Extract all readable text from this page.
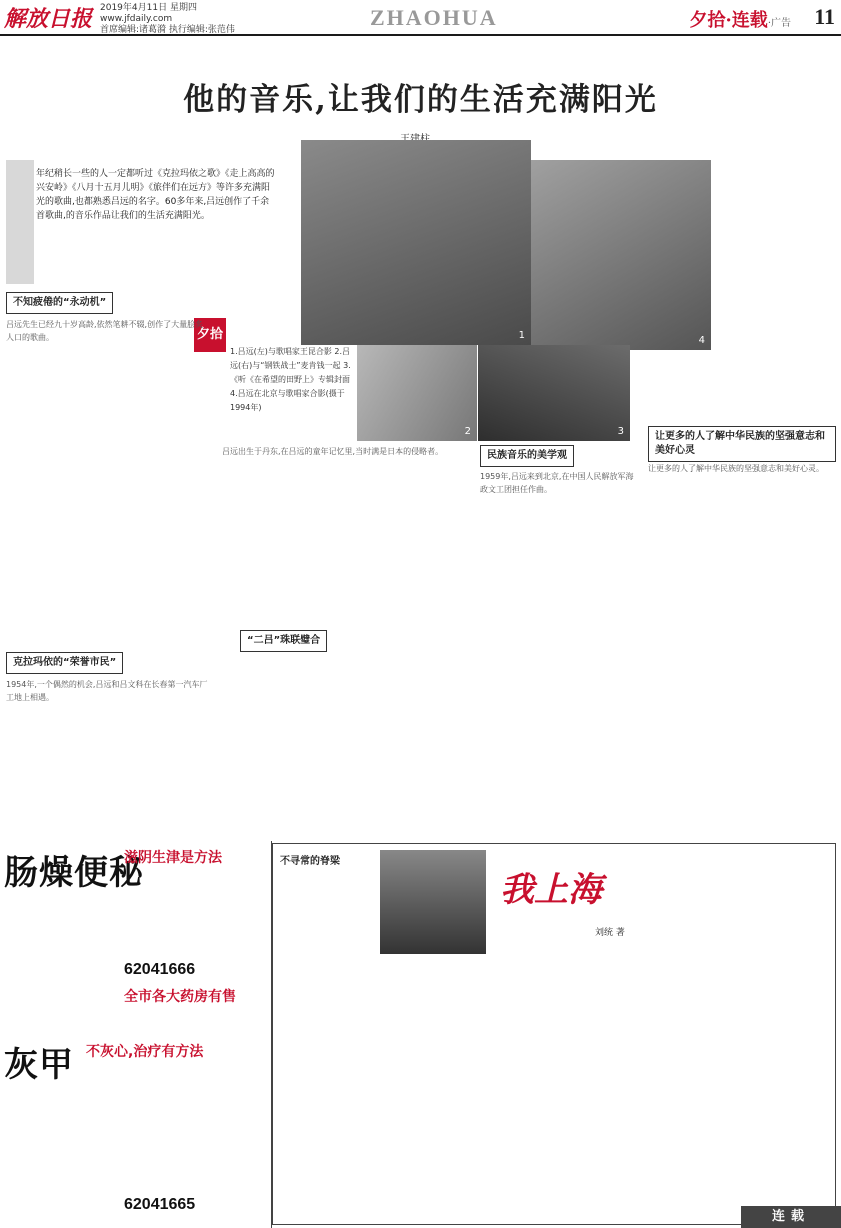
解放日报 2019年4月11日 星期四
www.jfdaily.com
首席编辑:诸葛漪 执行编辑:张范伟	ZHAOHUA	夕拾·连载·广告 11
他的音乐,让我们的生活充满阳光
年纪稍长一些的人一定都听过《克拉玛依之歌》《走上高高的兴安岭》《八月十五月儿明》《旅伴们在远方》等许多充满阳光的歌曲,也都熟悉吕远的名字。60多年来,吕远创作了千余首歌曲,的音乐作品让我们的生活充满阳光。
1	4
2	3
夕拾
1.吕远(左)与歌唱家王昆合影 2.吕远(右)与“钢铁战士”麦肯钱一起 3.《听《在希望的田野上》专辑封面 4.吕远在北京与歌唱家合影(摄于1994年)
不知疲倦的“永动机”
吕远先生已经九十岁高龄,依然笔耕不辍,创作了大量脍炙人口的歌曲。
克拉玛依的“荣誉市民”
1954年,一个偶然的机会,吕远和吕文科在长春第一汽车厂工地上相遇。
“二吕”珠联璧合
吕远出生于丹东,在吕远的童年记忆里,当时满是日本的侵略者。	民族音乐的美学观
1959年,吕远来到北京,在中国人民解放军海政文工团担任作曲。
让更多的人了解中华民族的坚强意志和美好心灵
让更多的人了解中华民族的坚强意志和美好心灵。
肠燥便秘
滋阴生津是方法
62041666
全市各大药房有售
灰甲 不灰心,治疗有方法
62041665
不寻常的脊梁
我上海
刘统 著
连载
